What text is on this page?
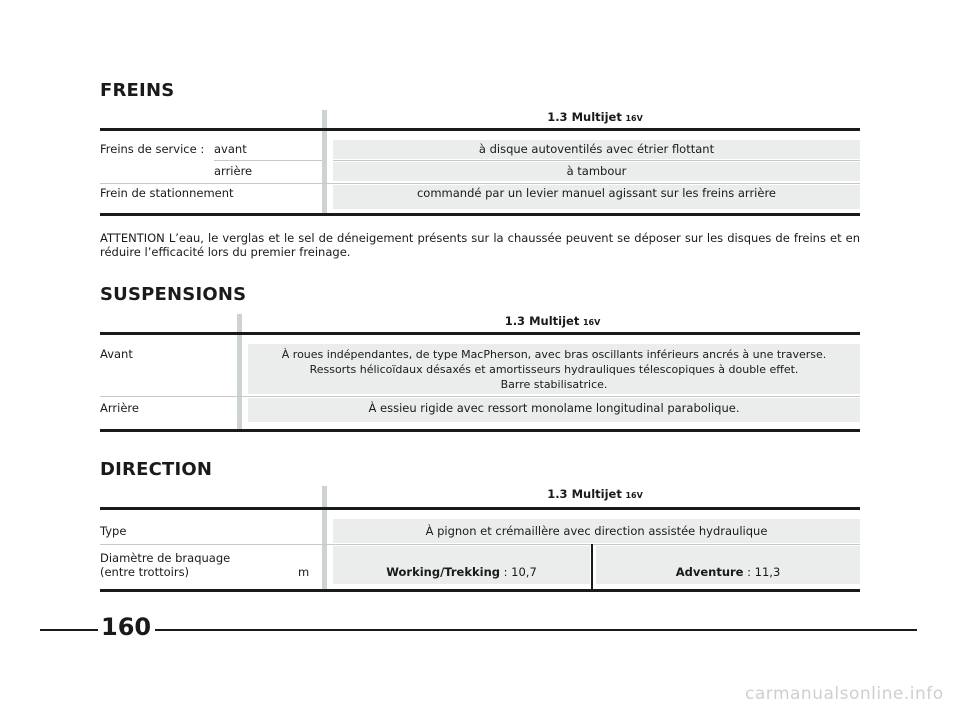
FREINS
1.3 Multijet 16V
Freins de service : avant	à disque autoventilés avec étrier flottant
arrière	à tambour
Frein de stationnement	commandé par un levier manuel agissant sur les freins arrière
ATTENTION L’eau, le verglas et le sel de déneigement présents sur la chaussée peuvent se déposer sur les disques de freins et en réduire l’efficacité lors du premier freinage.
SUSPENSIONS
1.3 Multijet 16V
Avant	À roues indépendantes, de type MacPherson, avec bras oscillants inférieurs ancrés à une traverse.
Ressorts hélicoïdaux désaxés et amortisseurs hydrauliques télescopiques à double effet.
Barre stabilisatrice.
Arrière	À essieu rigide avec ressort monolame longitudinal parabolique.
DIRECTION
1.3 Multijet 16V
Type	À pignon et crémaillère avec direction assistée hydraulique
Diamètre de braquage
(entre trottoirs)	m	Working/Trekking : 10,7	Adventure : 11,3
160
carmanualsonline.info
